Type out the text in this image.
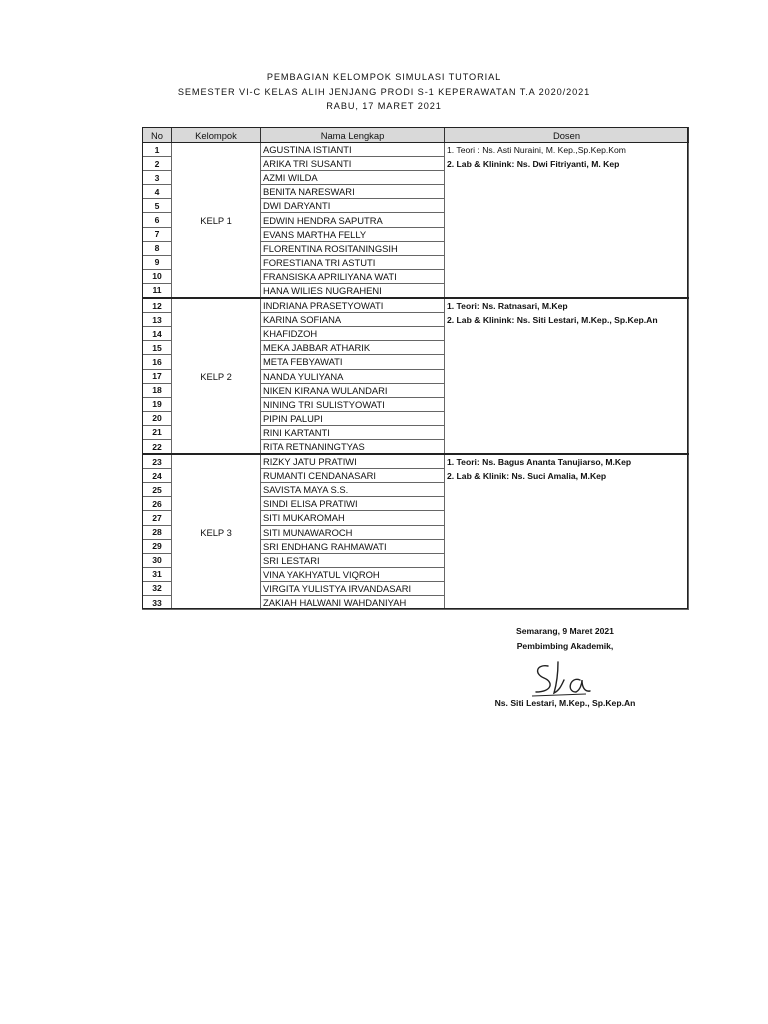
PEMBAGIAN KELOMPOK SIMULASI TUTORIAL
SEMESTER VI-C KELAS ALIH JENJANG PRODI S-1 KEPERAWATAN T.A 2020/2021
RABU, 17 MARET 2021
No	Kelompok	Nama Lengkap	Dosen
1	KELP 1	AGUSTINA ISTIANTI	1. Teori : Ns. Asti Nuraini, M. Kep.,Sp.Kep.Kom
2. Lab & Klinink: Ns. Dwi Fitriyanti, M. Kep

2		ARIKA TRI SUSANTI	
3		AZMI WILDA	
4		BENITA NARESWARI	
5		DWI DARYANTI	
6		EDWIN HENDRA SAPUTRA	
7		EVANS MARTHA FELLY	
8		FLORENTINA ROSITANINGSIH	
9		FORESTIANA TRI ASTUTI	
10		FRANSISKA APRILIYANA WATI	
11		HANA WILIES NUGRAHENI	
12	KELP 2	INDRIANA PRASETYOWATI	1. Teori: Ns. Ratnasari, M.Kep
2. Lab & Klinink: Ns. Siti Lestari, M.Kep., Sp.Kep.An

13		KARINA SOFIANA	
14		KHAFIDZOH	
15		MEKA JABBAR ATHARIK	
16		META FEBYAWATI	
17		NANDA YULIYANA	
18		NIKEN KIRANA WULANDARI	
19		NINING TRI SULISTYOWATI	
20		PIPIN PALUPI	
21		RINI KARTANTI	
22		RITA RETNANINGTYAS	
23	KELP 3	RIZKY JATU PRATIWI	1. Teori: Ns. Bagus Ananta Tanujiarso, M.Kep
2. Lab & Klinik: Ns. Suci Amalia, M.Kep

24		RUMANTI CENDANASARI	
25		SAVISTA MAYA S.S.	
26		SINDI ELISA PRATIWI	
27		SITI MUKAROMAH	
28		SITI MUNAWAROCH	
29		SRI ENDHANG RAHMAWATI	
30		SRI LESTARI	
31		VINA YAKHYATUL VIQROH	
32		VIRGITA YULISTYA IRVANDASARI	
33		ZAKIAH HALWANI WAHDANIYAH	
Semarang, 9 Maret 2021
Pembimbing Akademik,
Ns. Siti Lestari, M.Kep., Sp.Kep.An
